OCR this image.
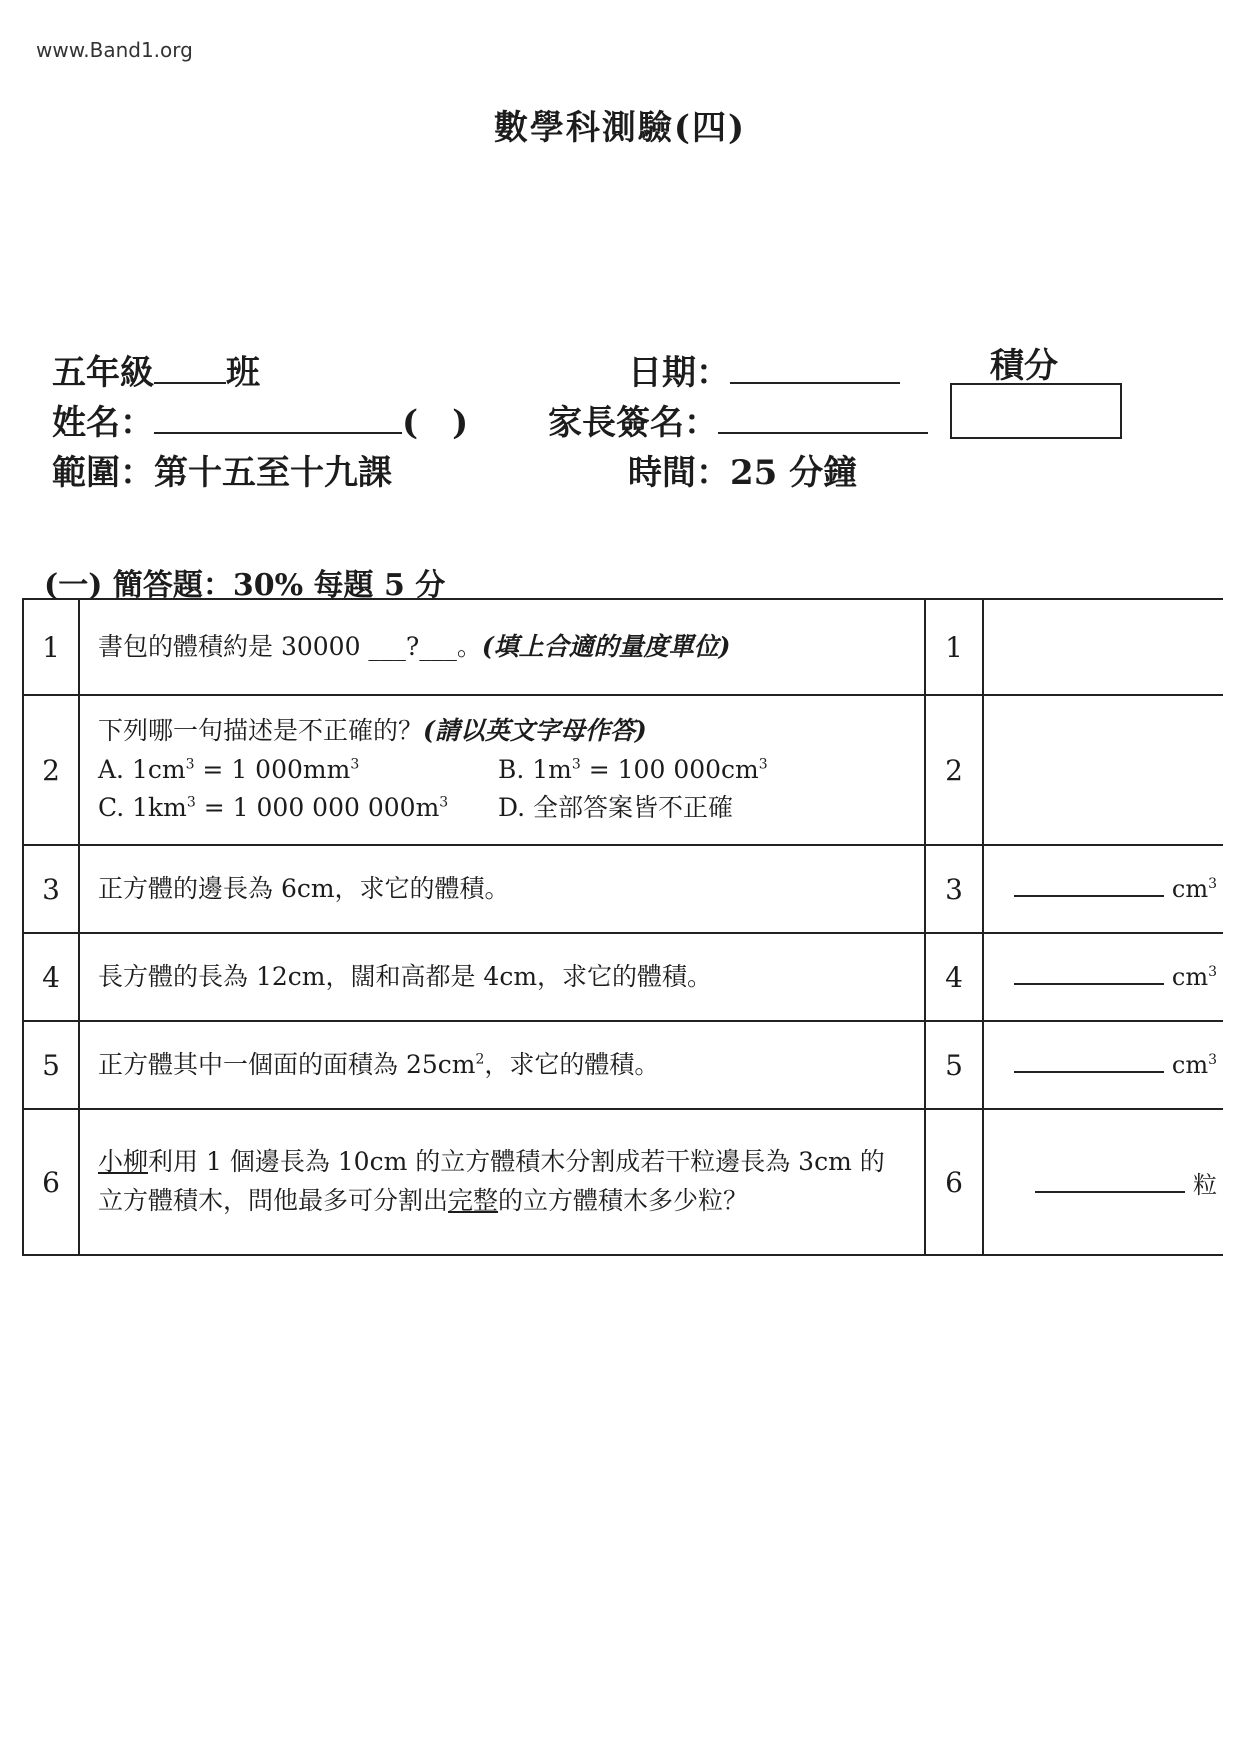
www.Band1.org
數學科測驗(四)
五年級 班
姓名：	(　)
範圍：第十五至十九課
日期：
家長簽名：
時間：25 分鐘
積分
(一) 簡答題：30% 每題 5 分
1	書包的體積約是 30000 ___?___。(填上合適的量度單位)	1	
2	下列哪一句描述是不正確的？(請以英文字母作答)
A. $1cm^3 = 1$ $000mm^3$ B. $1m^3 = 100$ $000cm^3$
C. $1km^3 = 1$ 000 000 $000m^3$ D. 全部答案皆不正確	2	
3	正方體的邊長為 6cm，求它的體積。	3	$cm^3$
4	長方體的長為 12cm，闊和高都是 4cm，求它的體積。	4	$cm^3$
5	正方體其中一個面的面積為 $25cm^2$，求它的體積。	5	$cm^3$
6	小柳利用 1 個邊長為 10cm 的立方體積木分割成若干粒邊長為 3cm 的立方體積木，問他最多可分割出完整的立方體積木多少粒？	6	粒
